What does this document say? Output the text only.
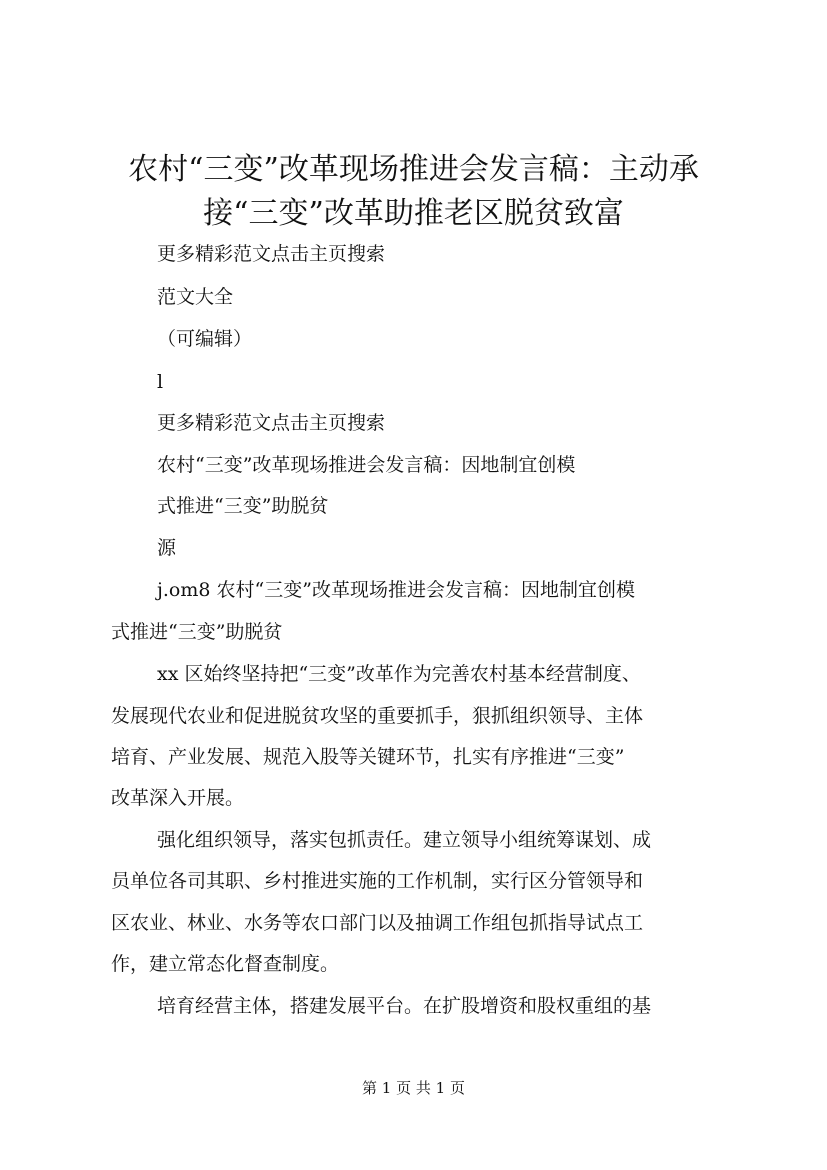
农村“三变”改革现场推进会发言稿：主动承
接“三变”改革助推老区脱贫致富
更多精彩范文点击主页搜索
范文大全
（可编辑）
l
更多精彩范文点击主页搜索
农村“三变”改革现场推进会发言稿：因地制宜创模
式推进“三变”助脱贫
源
j.om8 农村“三变”改革现场推进会发言稿：因地制宜创模
式推进“三变”助脱贫
xx 区始终坚持把“三变”改革作为完善农村基本经营制度、
发展现代农业和促进脱贫攻坚的重要抓手，狠抓组织领导、主体
培育、产业发展、规范入股等关键环节，扎实有序推进“三变”
改革深入开展。
强化组织领导，落实包抓责任。建立领导小组统筹谋划、成
员单位各司其职、乡村推进实施的工作机制，实行区分管领导和
区农业、林业、水务等农口部门以及抽调工作组包抓指导试点工
作，建立常态化督查制度。
培育经营主体，搭建发展平台。在扩股增资和股权重组的基
第 1 页 共 1 页
